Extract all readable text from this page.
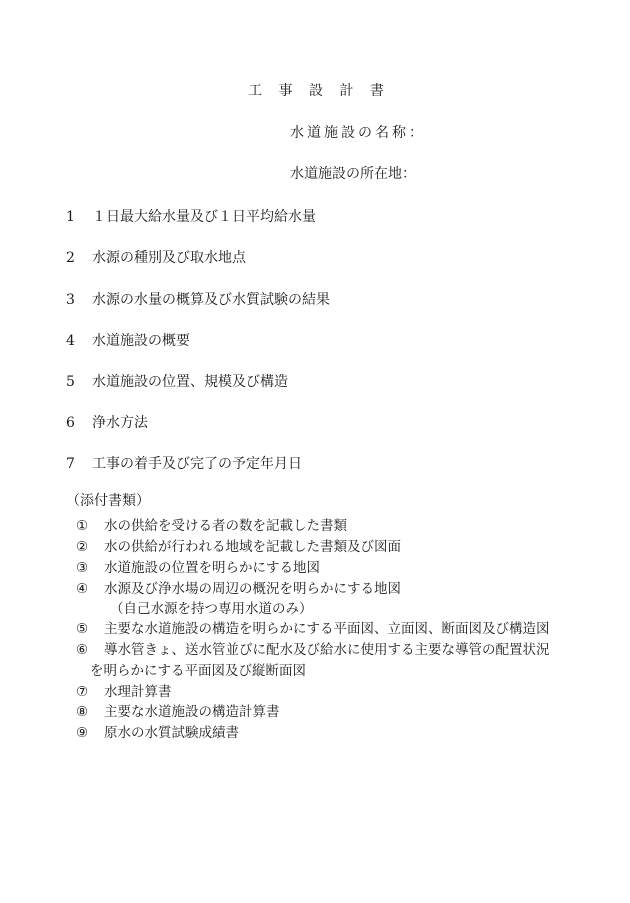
工 事 設 計 書
水道施設の名称：
水道施設の所在地：
1 １日最大給水量及び１日平均給水量
2 水源の種別及び取水地点
3 水源の水量の概算及び水質試験の結果
4 水道施設の概要
5 水道施設の位置、規模及び構造
6 浄水方法
7 工事の着手及び完了の予定年月日
（添付書類）
① 水の供給を受ける者の数を記載した書類
② 水の供給が行われる地域を記載した書類及び図面
③ 水道施設の位置を明らかにする地図
④ 水源及び浄水場の周辺の概況を明らかにする地図
（自己水源を持つ専用水道のみ）
⑤ 主要な水道施設の構造を明らかにする平面図、立面図、断面図及び構造図
⑥ 導水管きょ、送水管並びに配水及び給水に使用する主要な導管の配置状況
を明らかにする平面図及び縦断面図
⑦ 水理計算書
⑧ 主要な水道施設の構造計算書
⑨ 原水の水質試験成績書
